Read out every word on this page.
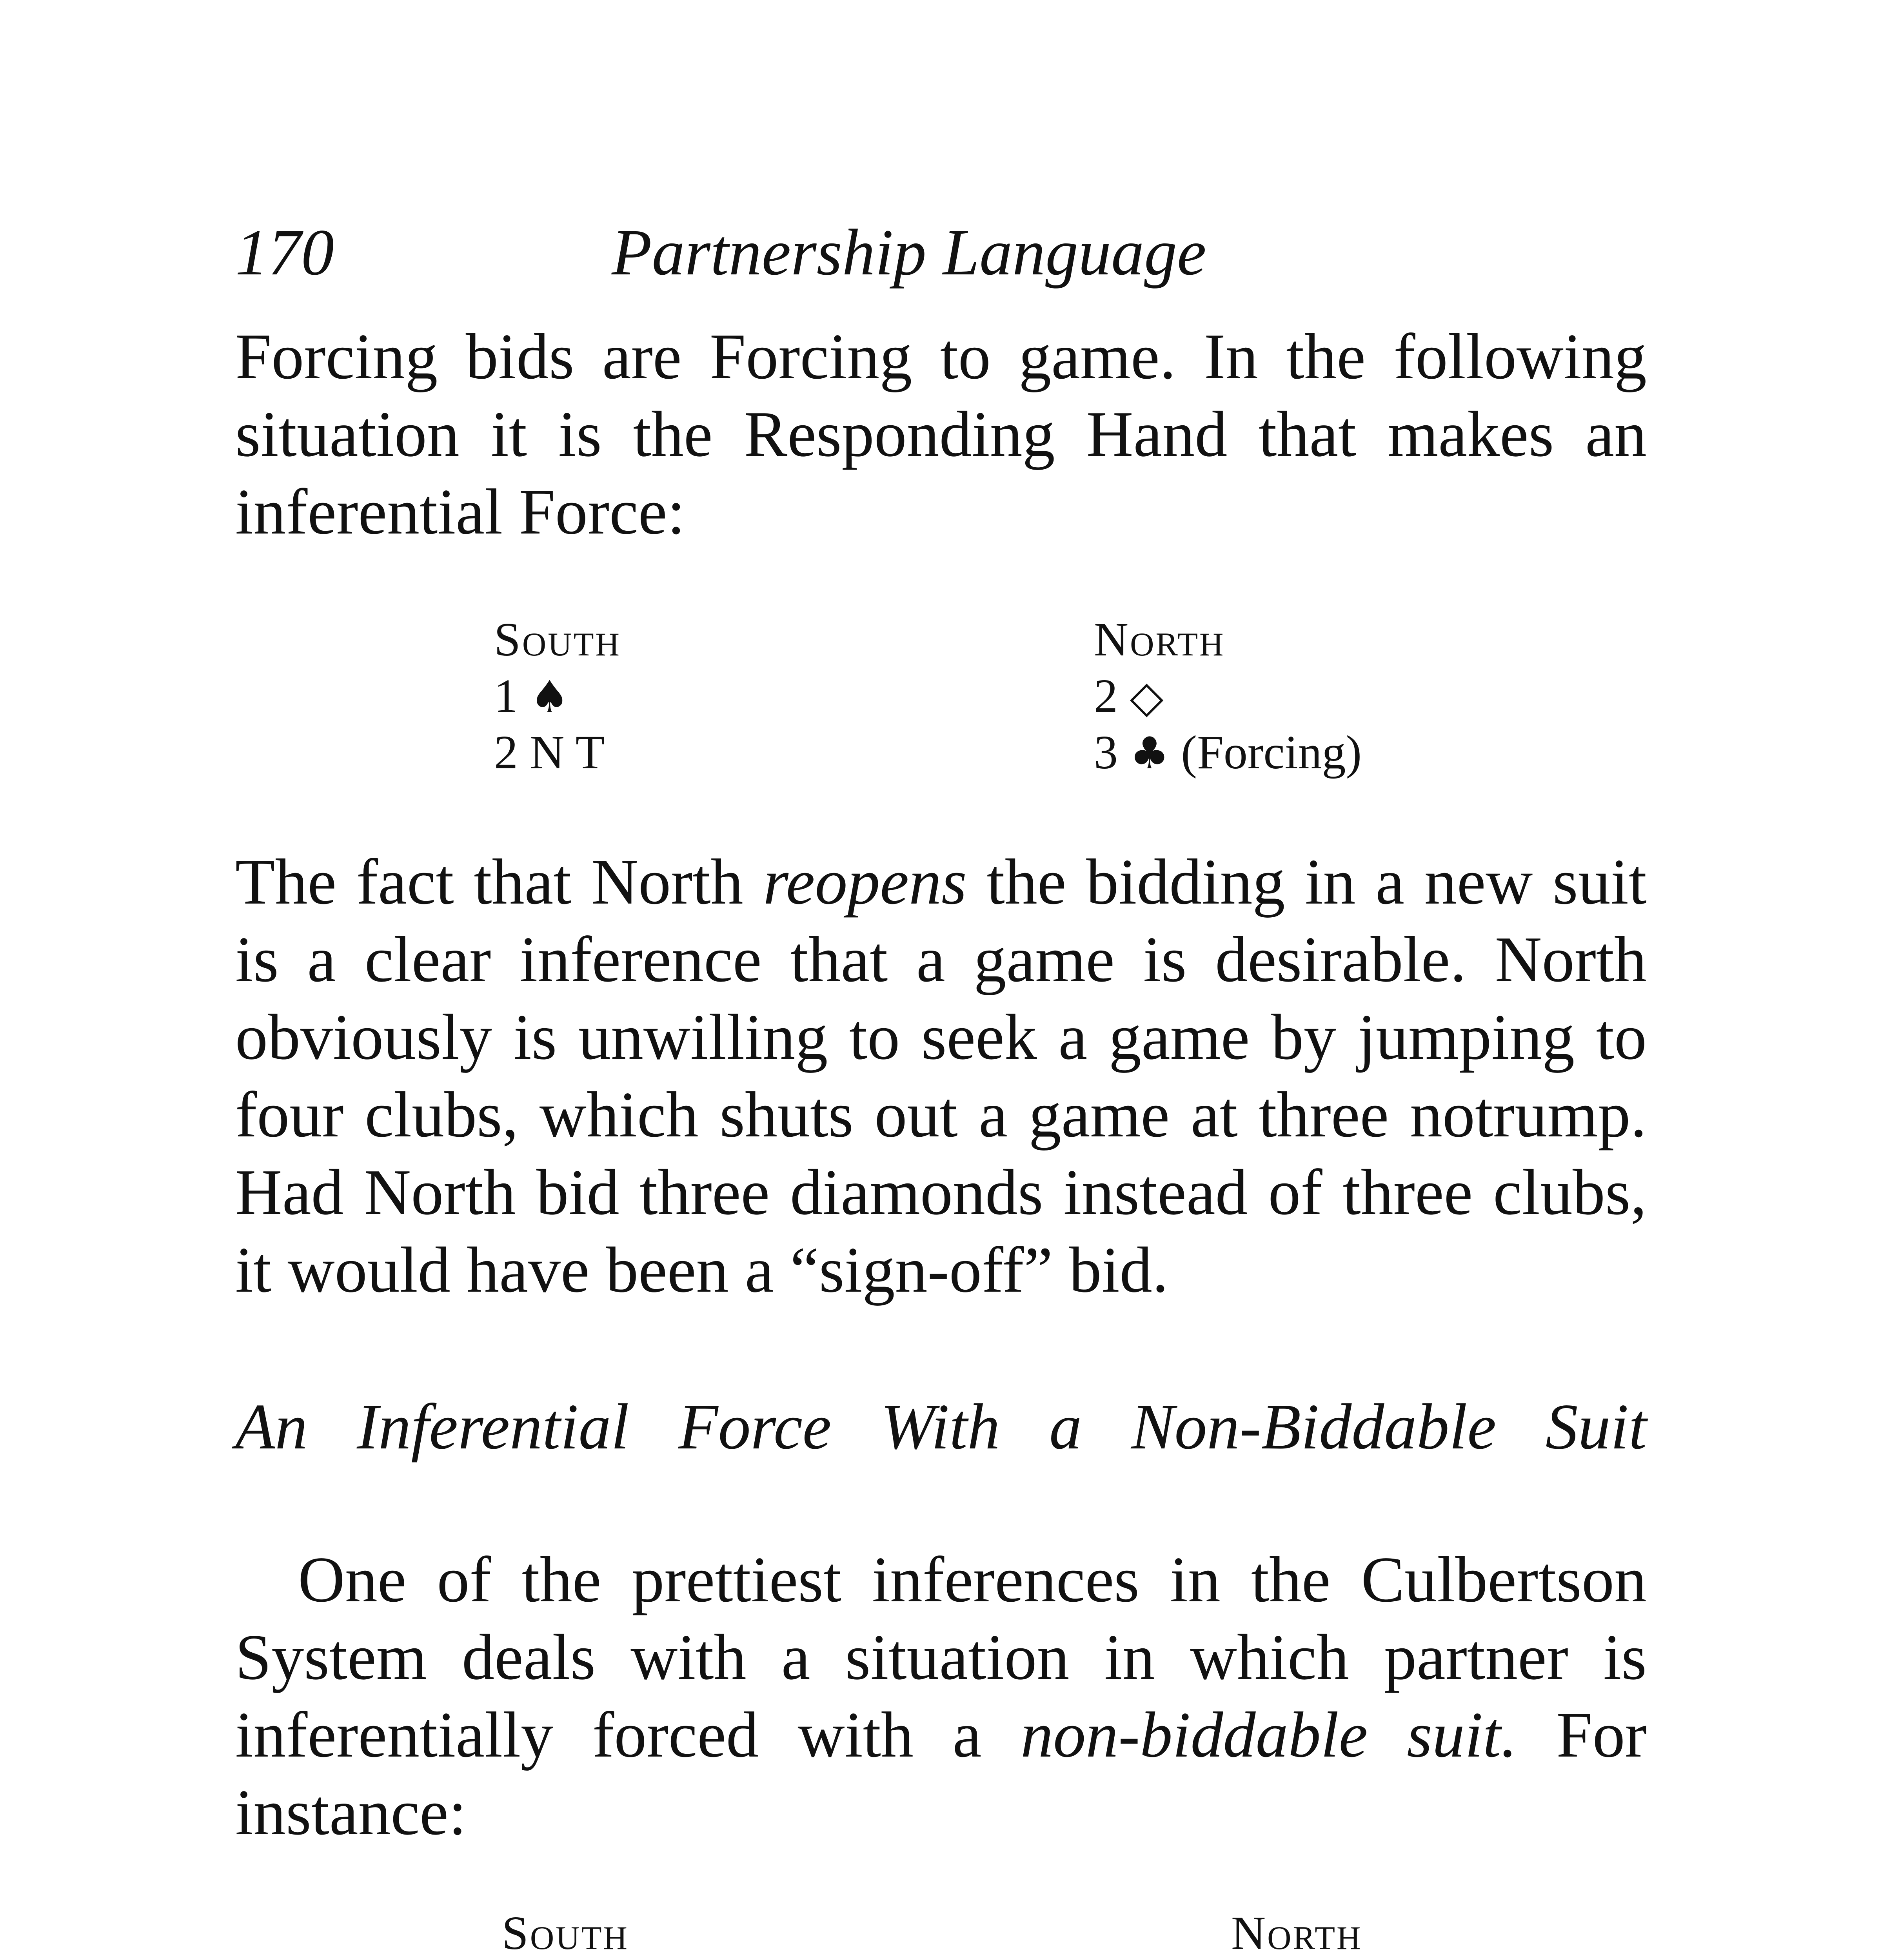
170	Partnership Language

Forcing bids are Forcing to game. In the following situation it is the Responding Hand that makes an inferential Force:

South
1 ♠
2 N T
North
2 ◇
3 ♣ (Forcing)

The fact that North reopens the bidding in a new suit is a clear inference that a game is desirable. North obviously is unwilling to seek a game by jumping to four clubs, which shuts out a game at three notrump. Had North bid three diamonds instead of three clubs, it would have been a “sign-off” bid.

An Inferential Force With a Non-Biddable Suit

One of the prettiest inferences in the Culbertson System deals with a situation in which partner is inferentially forced with a non-biddable suit. For instance:

South	North
